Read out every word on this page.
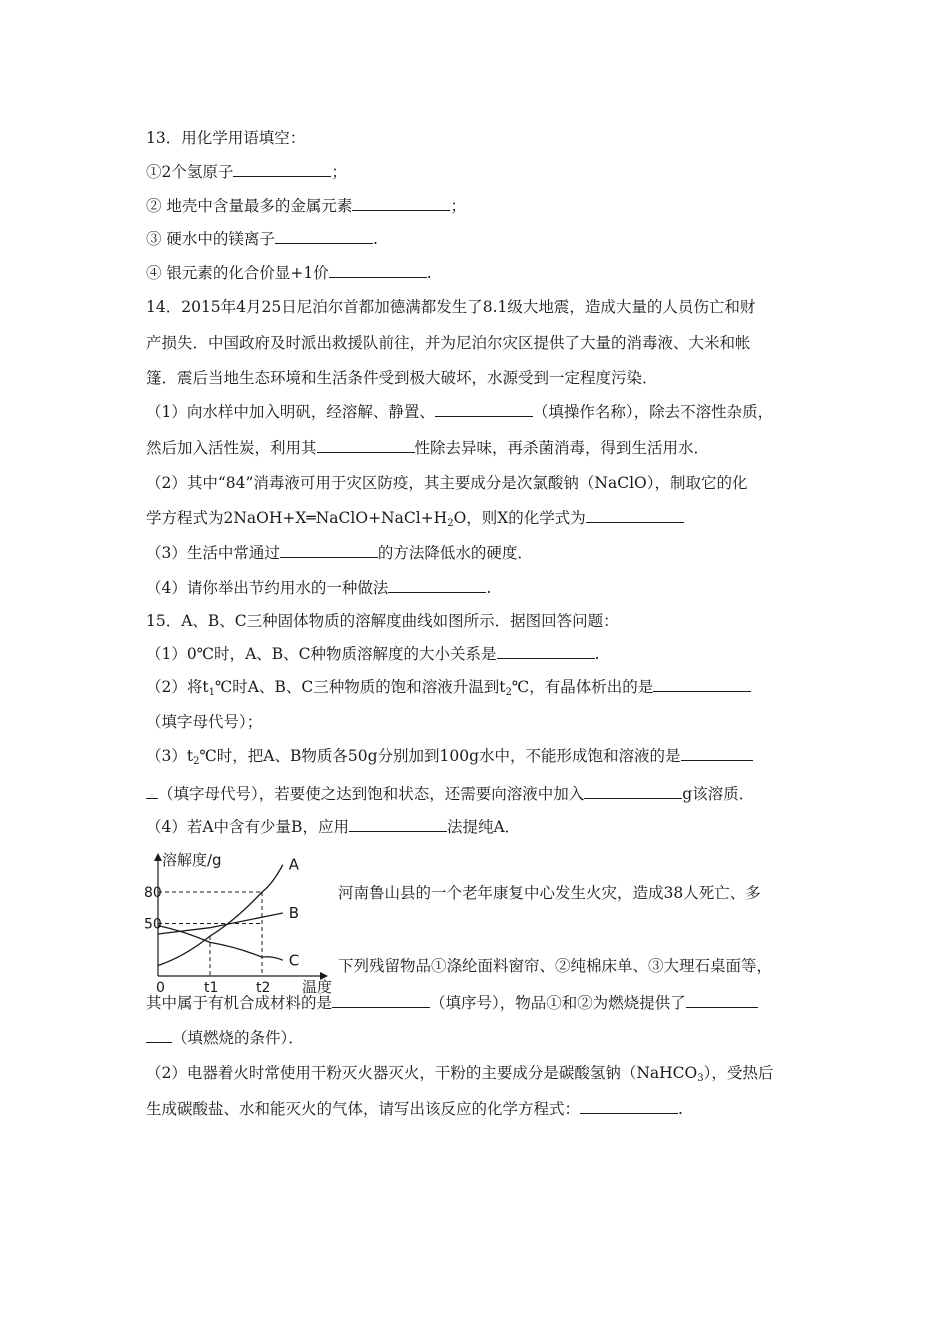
13．用化学用语填空：
①2个氢原子	；
② 地壳中含量最多的金属元素	；
③ 硬水中的镁离子	.
④ 银元素的化合价显+1价	.
14．2015年4月25日尼泊尔首都加德满都发生了8.1级大地震，造成大量的人员伤亡和财
产损失．中国政府及时派出救援队前往，并为尼泊尔灾区提供了大量的消毒液、大米和帐
篷．震后当地生态环境和生活条件受到极大破坏，水源受到一定程度污染．
（1）向水样中加入明矾，经溶解、静置、	（填操作名称），除去不溶性杂质，
然后加入活性炭，利用其	性除去异味，再杀菌消毒，得到生活用水．
（2）其中“84”消毒液可用于灾区防疫，其主要成分是次氯酸钠（NaClO），制取它的化
学方程式为$2NaOH+X═NaClO+NaCl+H_2O$，则X的化学式为
（3）生活中常通过	的方法降低水的硬度．
（4）请你举出节约用水的一种做法	.
15．A、B、C三种固体物质的溶解度曲线如图所示．据图回答问题：
（1）0℃时，A、B、C种物质溶解度的大小关系是	.
（2）将$t_1℃$时A、B、C三种物质的饱和溶液升温到$t_2℃$，有晶体析出的是
（填字母代号）；
$(3)t_2℃$时，把A、B物质各50g分别加到100g水中，不能形成饱和溶液的是
（填字母代号），若要使之达到饱和状态，还需要向溶液中加入	g该溶质．
（4）若A中含有少量B，应用	法提纯A．
A
B
C
50
80
0	t1	t2
溶解度/g
温度
河南鲁山县的一个老年康复中心发生火灾，造成38人死亡、多
下列残留物品①涤纶面料窗帘、②纯棉床单、③大理石桌面等，
其中属于有机合成材料的是	（填序号），物品①和②为燃烧提供了
（填燃烧的条件）．
（2）电器着火时常使用干粉灭火器灭火，干粉的主要成分是碳酸氢钠（NaHCO$_3$），受热后
生成碳酸盐、水和能灭火的气体，请写出该反应的化学方程式：	.
